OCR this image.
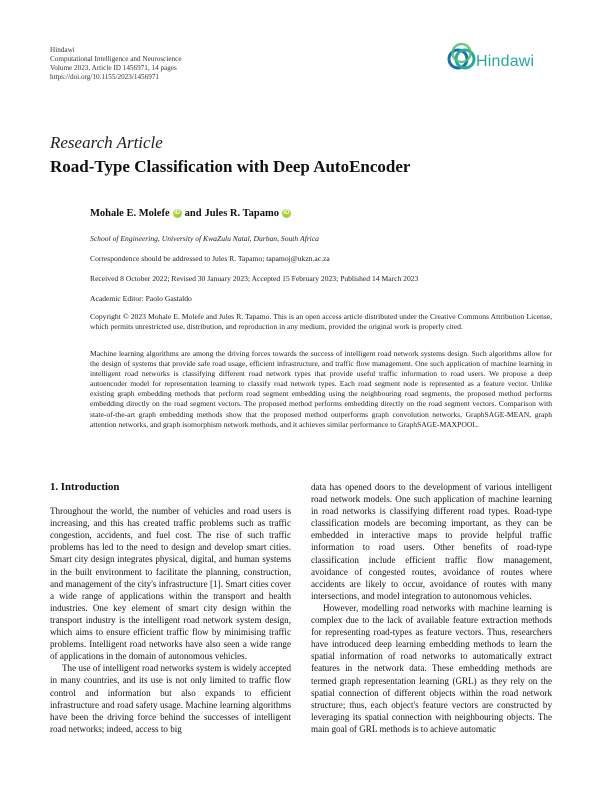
Hindawi
Computational Intelligence and Neuroscience
Volume 2023, Article ID 1456971, 14 pages
https://doi.org/10.1155/2023/1456971
Hindawi
Research Article
Road-Type Classification with Deep AutoEncoder
Mohale E. Molefe iD and Jules R. Tapamo iD
School of Engineering, University of KwaZulu Natal, Durban, South Africa
Correspondence should be addressed to Jules R. Tapamo; tapamoj@ukzn.ac.za
Received 8 October 2022; Revised 30 January 2023; Accepted 15 February 2023; Published 14 March 2023
Academic Editor: Paolo Gastaldo
Copyright © 2023 Mohale E. Molefe and Jules R. Tapamo. This is an open access article distributed under the Creative Commons Attribution License, which permits unrestricted use, distribution, and reproduction in any medium, provided the original work is properly cited.
Machine learning algorithms are among the driving forces towards the success of intelligent road network systems design. Such algorithms allow for the design of systems that provide safe road usage, efficient infrastructure, and traffic flow management. One such application of machine learning in intelligent road networks is classifying different road network types that provide useful traffic information to road users. We propose a deep autoencoder model for representation learning to classify road network types. Each road segment node is represented as a feature vector. Unlike existing graph embedding methods that perform road segment embedding using the neighbouring road segments, the proposed method performs embedding directly on the road segment vectors. The proposed method performs embedding directly on the road segment vectors. Comparison with state-of-the-art graph embedding methods show that the proposed method outperforms graph convolution networks, GraphSAGE-MEAN, graph attention networks, and graph isomorphism network methods, and it achieves similar performance to GraphSAGE-MAXPOOL.
1. Introduction

Throughout the world, the number of vehicles and road users is increasing, and this has created traffic problems such as traffic congestion, accidents, and fuel cost. The rise of such traffic problems has led to the need to design and develop smart cities. Smart city design integrates physical, digital, and human systems in the built environment to facilitate the planning, construction, and management of the city's infrastructure [1]. Smart cities cover a wide range of applications within the transport and health industries. One key element of smart city design within the transport industry is the intelligent road network system design, which aims to ensure efficient traffic flow by minimising traffic problems. Intelligent road networks have also seen a wide range of applications in the domain of autonomous vehicles.

The use of intelligent road networks system is widely accepted in many countries, and its use is not only limited to traffic flow control and information but also expands to efficient infrastructure and road safety usage. Machine learning algorithms have been the driving force behind the successes of intelligent road networks; indeed, access to big

data has opened doors to the development of various intelligent road network models. One such application of machine learning in road networks is classifying different road types. Road-type classification models are becoming important, as they can be embedded in interactive maps to provide helpful traffic information to road users. Other benefits of road-type classification include efficient traffic flow management, avoidance of congested routes, avoidance of routes where accidents are likely to occur, avoidance of routes with many intersections, and model integration to autonomous vehicles.

However, modelling road networks with machine learning is complex due to the lack of available feature extraction methods for representing road-types as feature vectors. Thus, researchers have introduced deep learning embedding methods to learn the spatial information of road networks to automatically extract features in the network data. These embedding methods are termed graph representation learning (GRL) as they rely on the spatial connection of different objects within the road network structure; thus, each object's feature vectors are constructed by leveraging its spatial connection with neighbouring objects. The main goal of GRL methods is to achieve automatic
